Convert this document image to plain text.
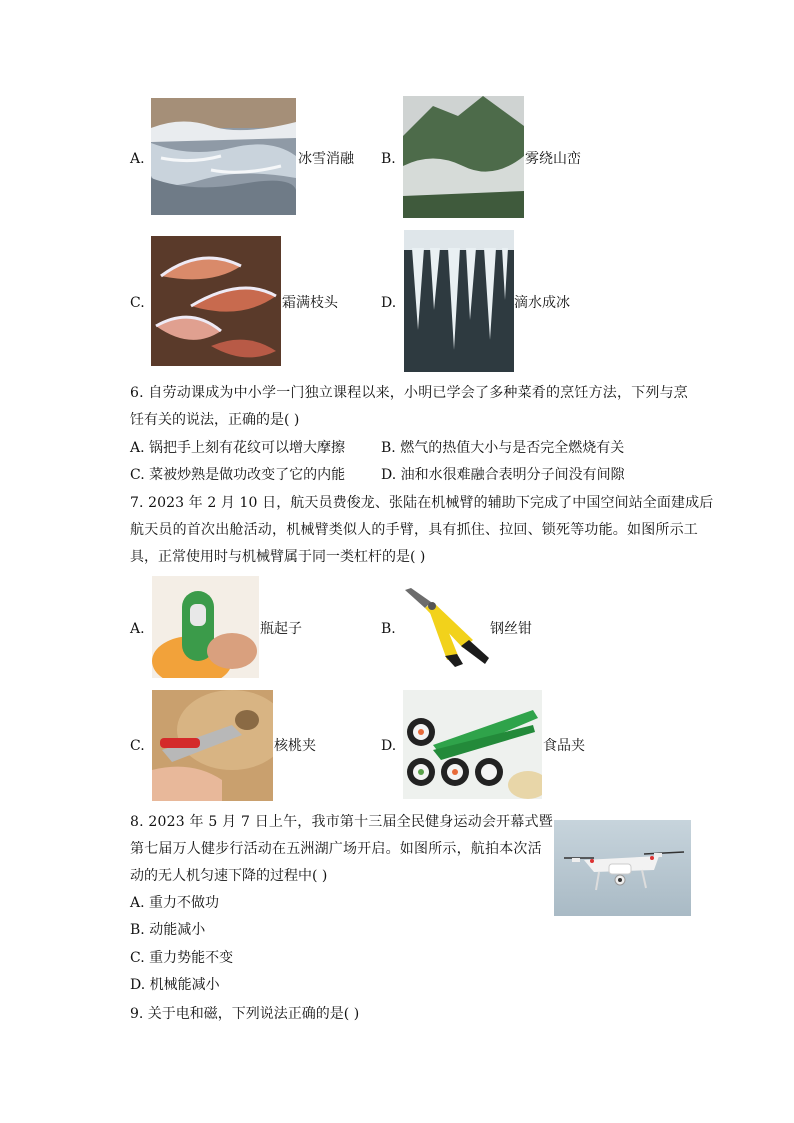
A.	冰雪消融 B.	雾绕山峦
C.	霜满枝头	D.	滴水成冰
6. 自劳动课成为中小学一门独立课程以来，小明已学会了多种菜肴的烹饪方法，下列与烹
饪有关的说法，正确的是( )
A. 锅把手上刻有花纹可以增大摩擦	B. 燃气的热值大小与是否完全燃烧有关
C. 菜被炒熟是做功改变了它的内能	D. 油和水很难融合表明分子间没有间隙
7. 2023 年 2 月 10 日，航天员费俊龙、张陆在机械臂的辅助下完成了中国空间站全面建成后
航天员的首次出舱活动，机械臂类似人的手臂，具有抓住、拉回、锁死等功能。如图所示工
具，正常使用时与机械臂属于同一类杠杆的是( )
A.	瓶起子	B.	钢丝钳
C.	核桃夹	D.	食品夹
8. 2023 年 5 月 7 日上午，我市第十三届全民健身运动会开幕式暨
第七届万人健步行活动在五洲湖广场开启。如图所示，航拍本次活
动的无人机匀速下降的过程中( )
A. 重力不做功
B. 动能减小
C. 重力势能不变
D. 机械能减小
9. 关于电和磁，下列说法正确的是( )
